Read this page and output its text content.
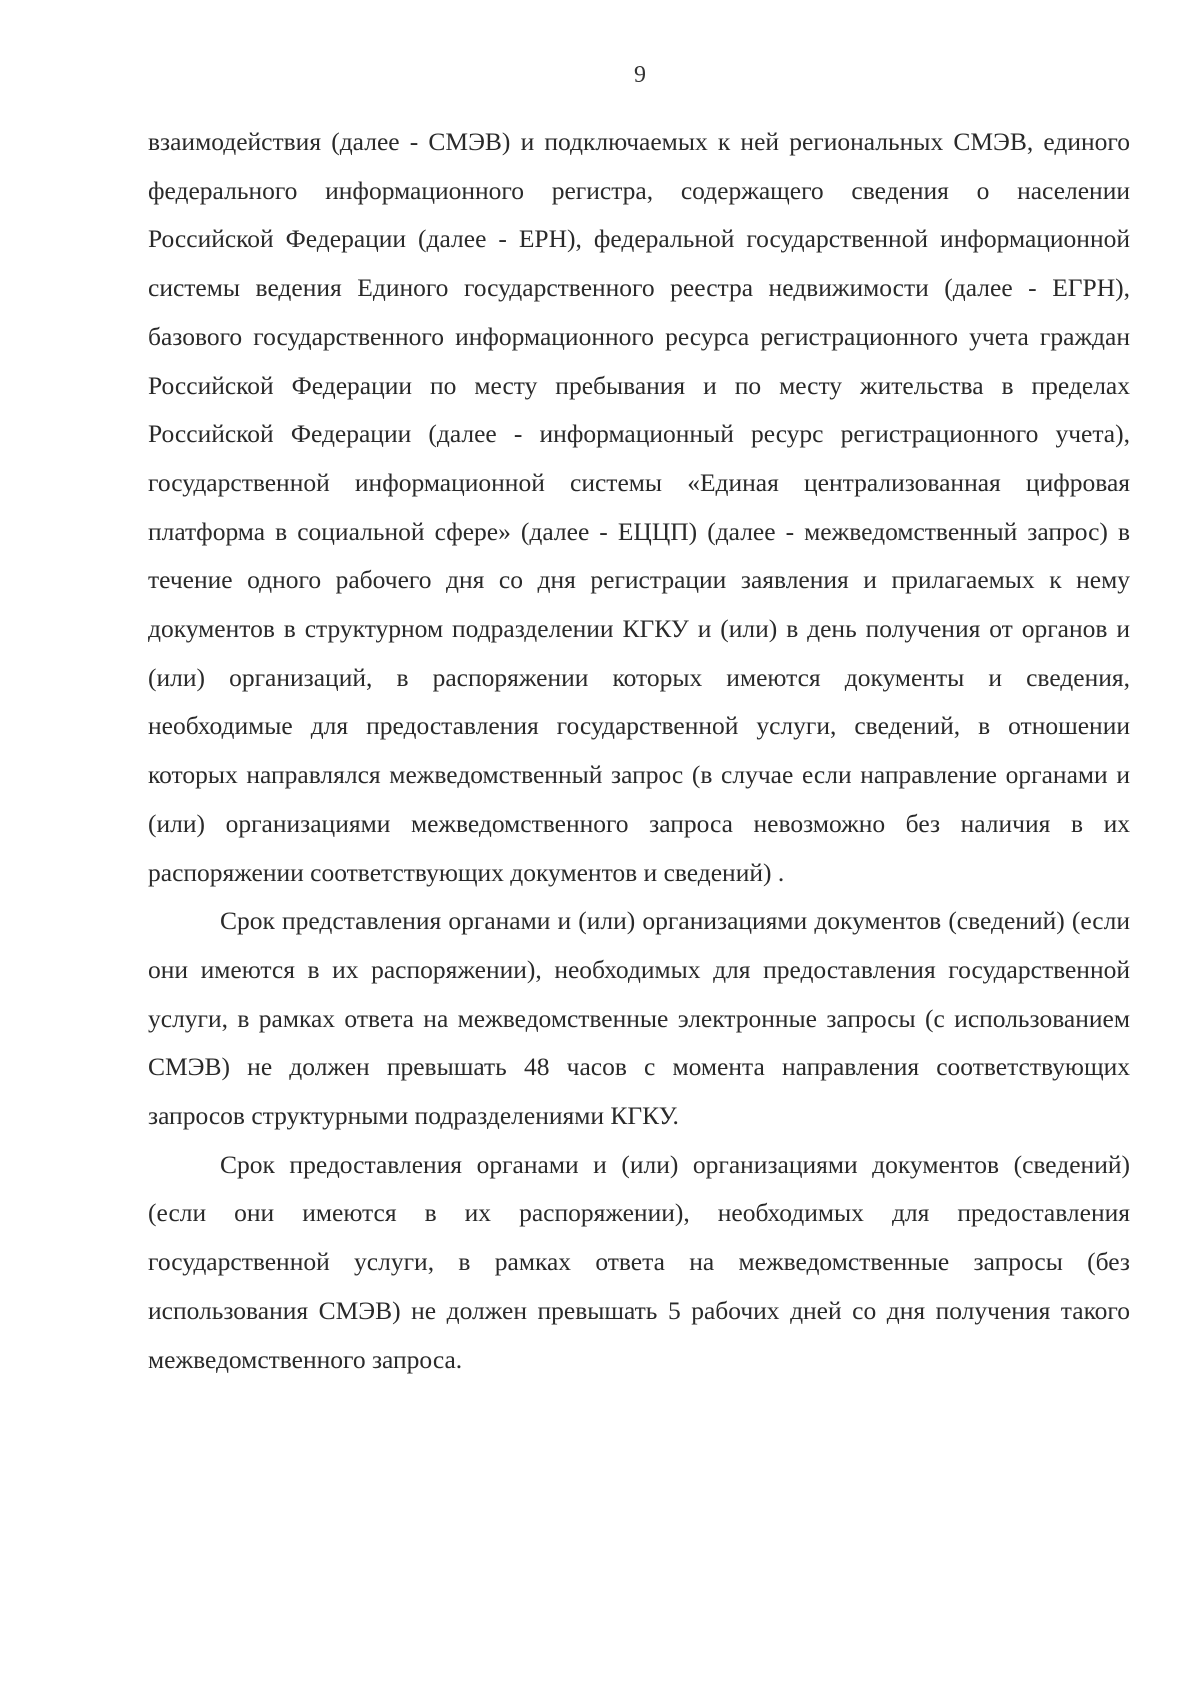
9

взаимодействия (далее - СМЭВ) и подключаемых к ней региональных СМЭВ, единого федерального информационного регистра, содержащего сведения о населении Российской Федерации (далее - ЕРН), федеральной государственной информационной системы ведения Единого государственного реестра недвижимости (далее - ЕГРН), базового государственного информационного ресурса регистрационного учета граждан Российской Федерации по месту пребывания и по месту жительства в пределах Российской Федерации (далее - информационный ресурс регистрационного учета), государственной информационной системы «Единая централизованная цифровая платформа в социальной сфере» (далее - ЕЦЦП) (далее - межведомственный запрос) в течение одного рабочего дня со дня регистрации заявления и прилагаемых к нему документов в структурном подразделении КГКУ и (или) в день получения от органов и (или) организаций, в распоряжении которых имеются документы и сведения, необходимые для предоставления государственной услуги, сведений, в отношении которых направлялся межведомственный запрос (в случае если направление органами и (или) организациями межведомственного запроса невозможно без наличия в их распоряжении соответствующих документов и сведений) .

Срок представления органами и (или) организациями документов (сведений) (если они имеются в их распоряжении), необходимых для предоставления государственной услуги, в рамках ответа на межведомственные электронные запросы (с использованием СМЭВ) не должен превышать 48 часов с момента направления соответствующих запросов структурными подразделениями КГКУ.

Срок предоставления органами и (или) организациями документов (сведений) (если они имеются в их распоряжении), необходимых для предоставления государственной услуги, в рамках ответа на межведомственные запросы (без использования СМЭВ) не должен превышать 5 рабочих дней со дня получения такого межведомственного запроса.
